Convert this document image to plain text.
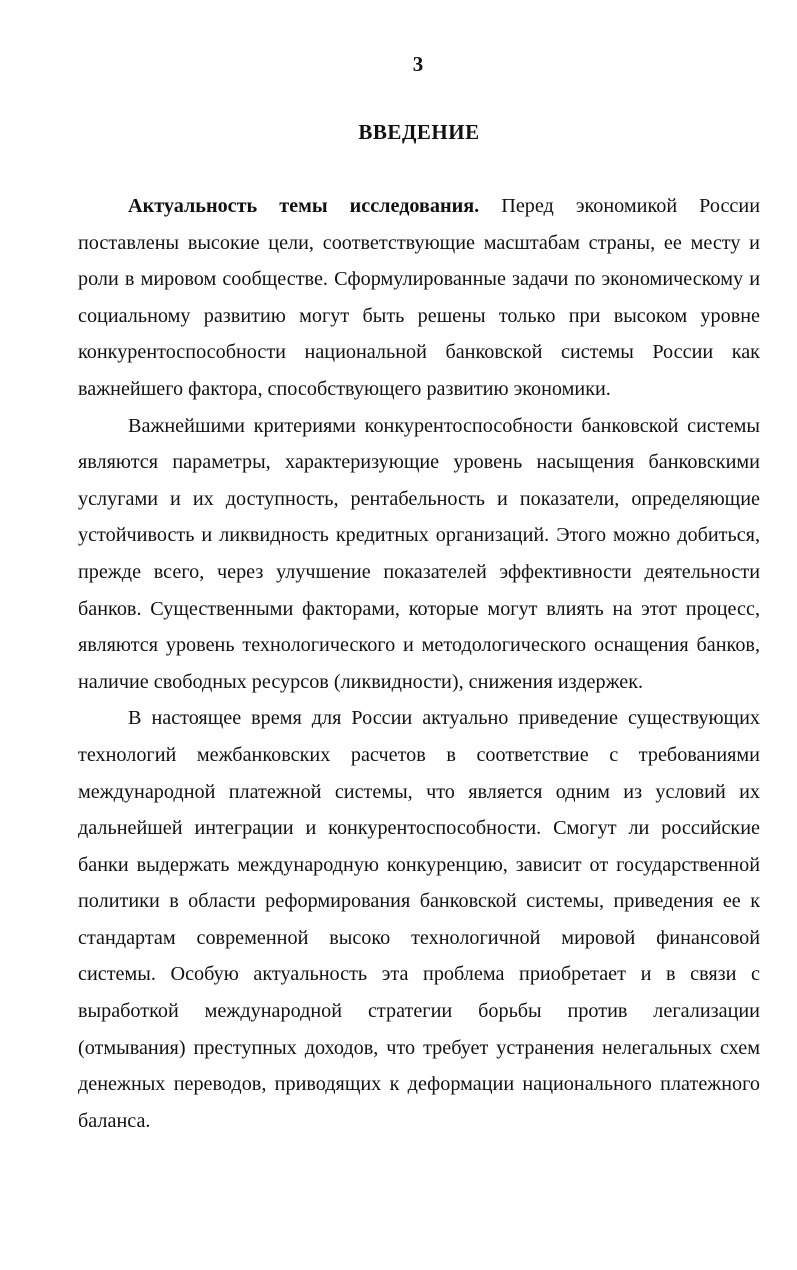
3
ВВЕДЕНИЕ

Актуальность темы исследования. Перед экономикой России поставлены высокие цели, соответствующие масштабам страны, ее месту и роли в мировом сообществе. Сформулированные задачи по экономическому и социальному развитию могут быть решены только при высоком уровне конкурентоспособности национальной банковской системы России как важнейшего фактора, способствующего развитию экономики.

Важнейшими критериями конкурентоспособности банковской системы являются параметры, характеризующие уровень насыщения банковскими услугами и их доступность, рентабельность и показатели, определяющие устойчивость и ликвидность кредитных организаций. Этого можно добиться, прежде всего, через улучшение показателей эффективности деятельности банков. Существенными факторами, которые могут влиять на этот процесс, являются уровень технологического и методологического оснащения банков, наличие свободных ресурсов (ликвидности), снижения издержек.

В настоящее время для России актуально приведение существующих технологий межбанковских расчетов в соответствие с требованиями международной платежной системы, что является одним из условий их дальнейшей интеграции и конкурентоспособности. Смогут ли российские банки выдержать международную конкуренцию, зависит от государственной политики в области реформирования банковской системы, приведения ее к стандартам современной высоко технологичной мировой финансовой системы. Особую актуальность эта проблема приобретает и в связи с выработкой международной стратегии борьбы против легализации (отмывания) преступных доходов, что требует устранения нелегальных схем денежных переводов, приводящих к деформации национального платежного баланса.
